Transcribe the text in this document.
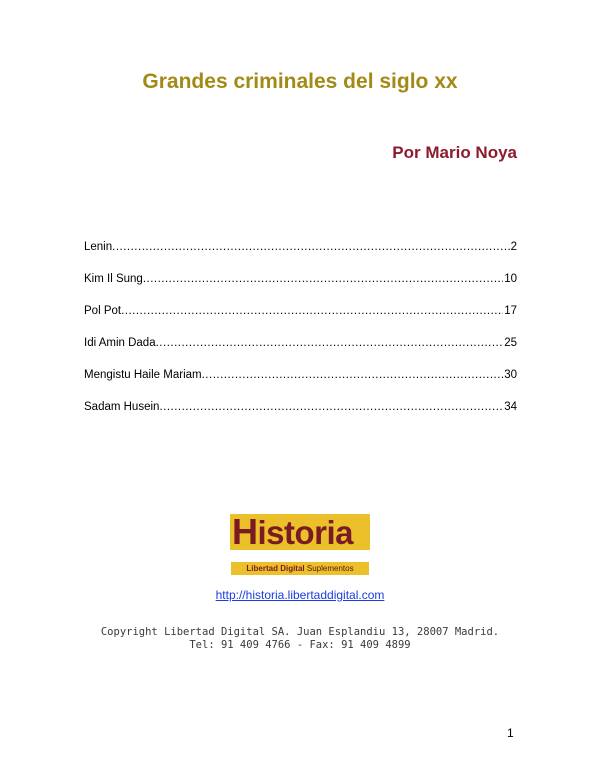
Grandes criminales del siglo xx

Por Mario Noya

Lenin .....	2
Kim Il Sung .....	10
Pol Pot .....	17
Idi Amin Dada .....	25
Mengistu Haile Mariam .....	30
Sadam Husein .....	34
Historia
Libertad Digital Suplementos
http://historia.libertaddigital.com

Copyright Libertad Digital SA. Juan Esplandiu 13, 28007 Madrid.
Tel: 91 409 4766 - Fax: 91 409 4899

1
